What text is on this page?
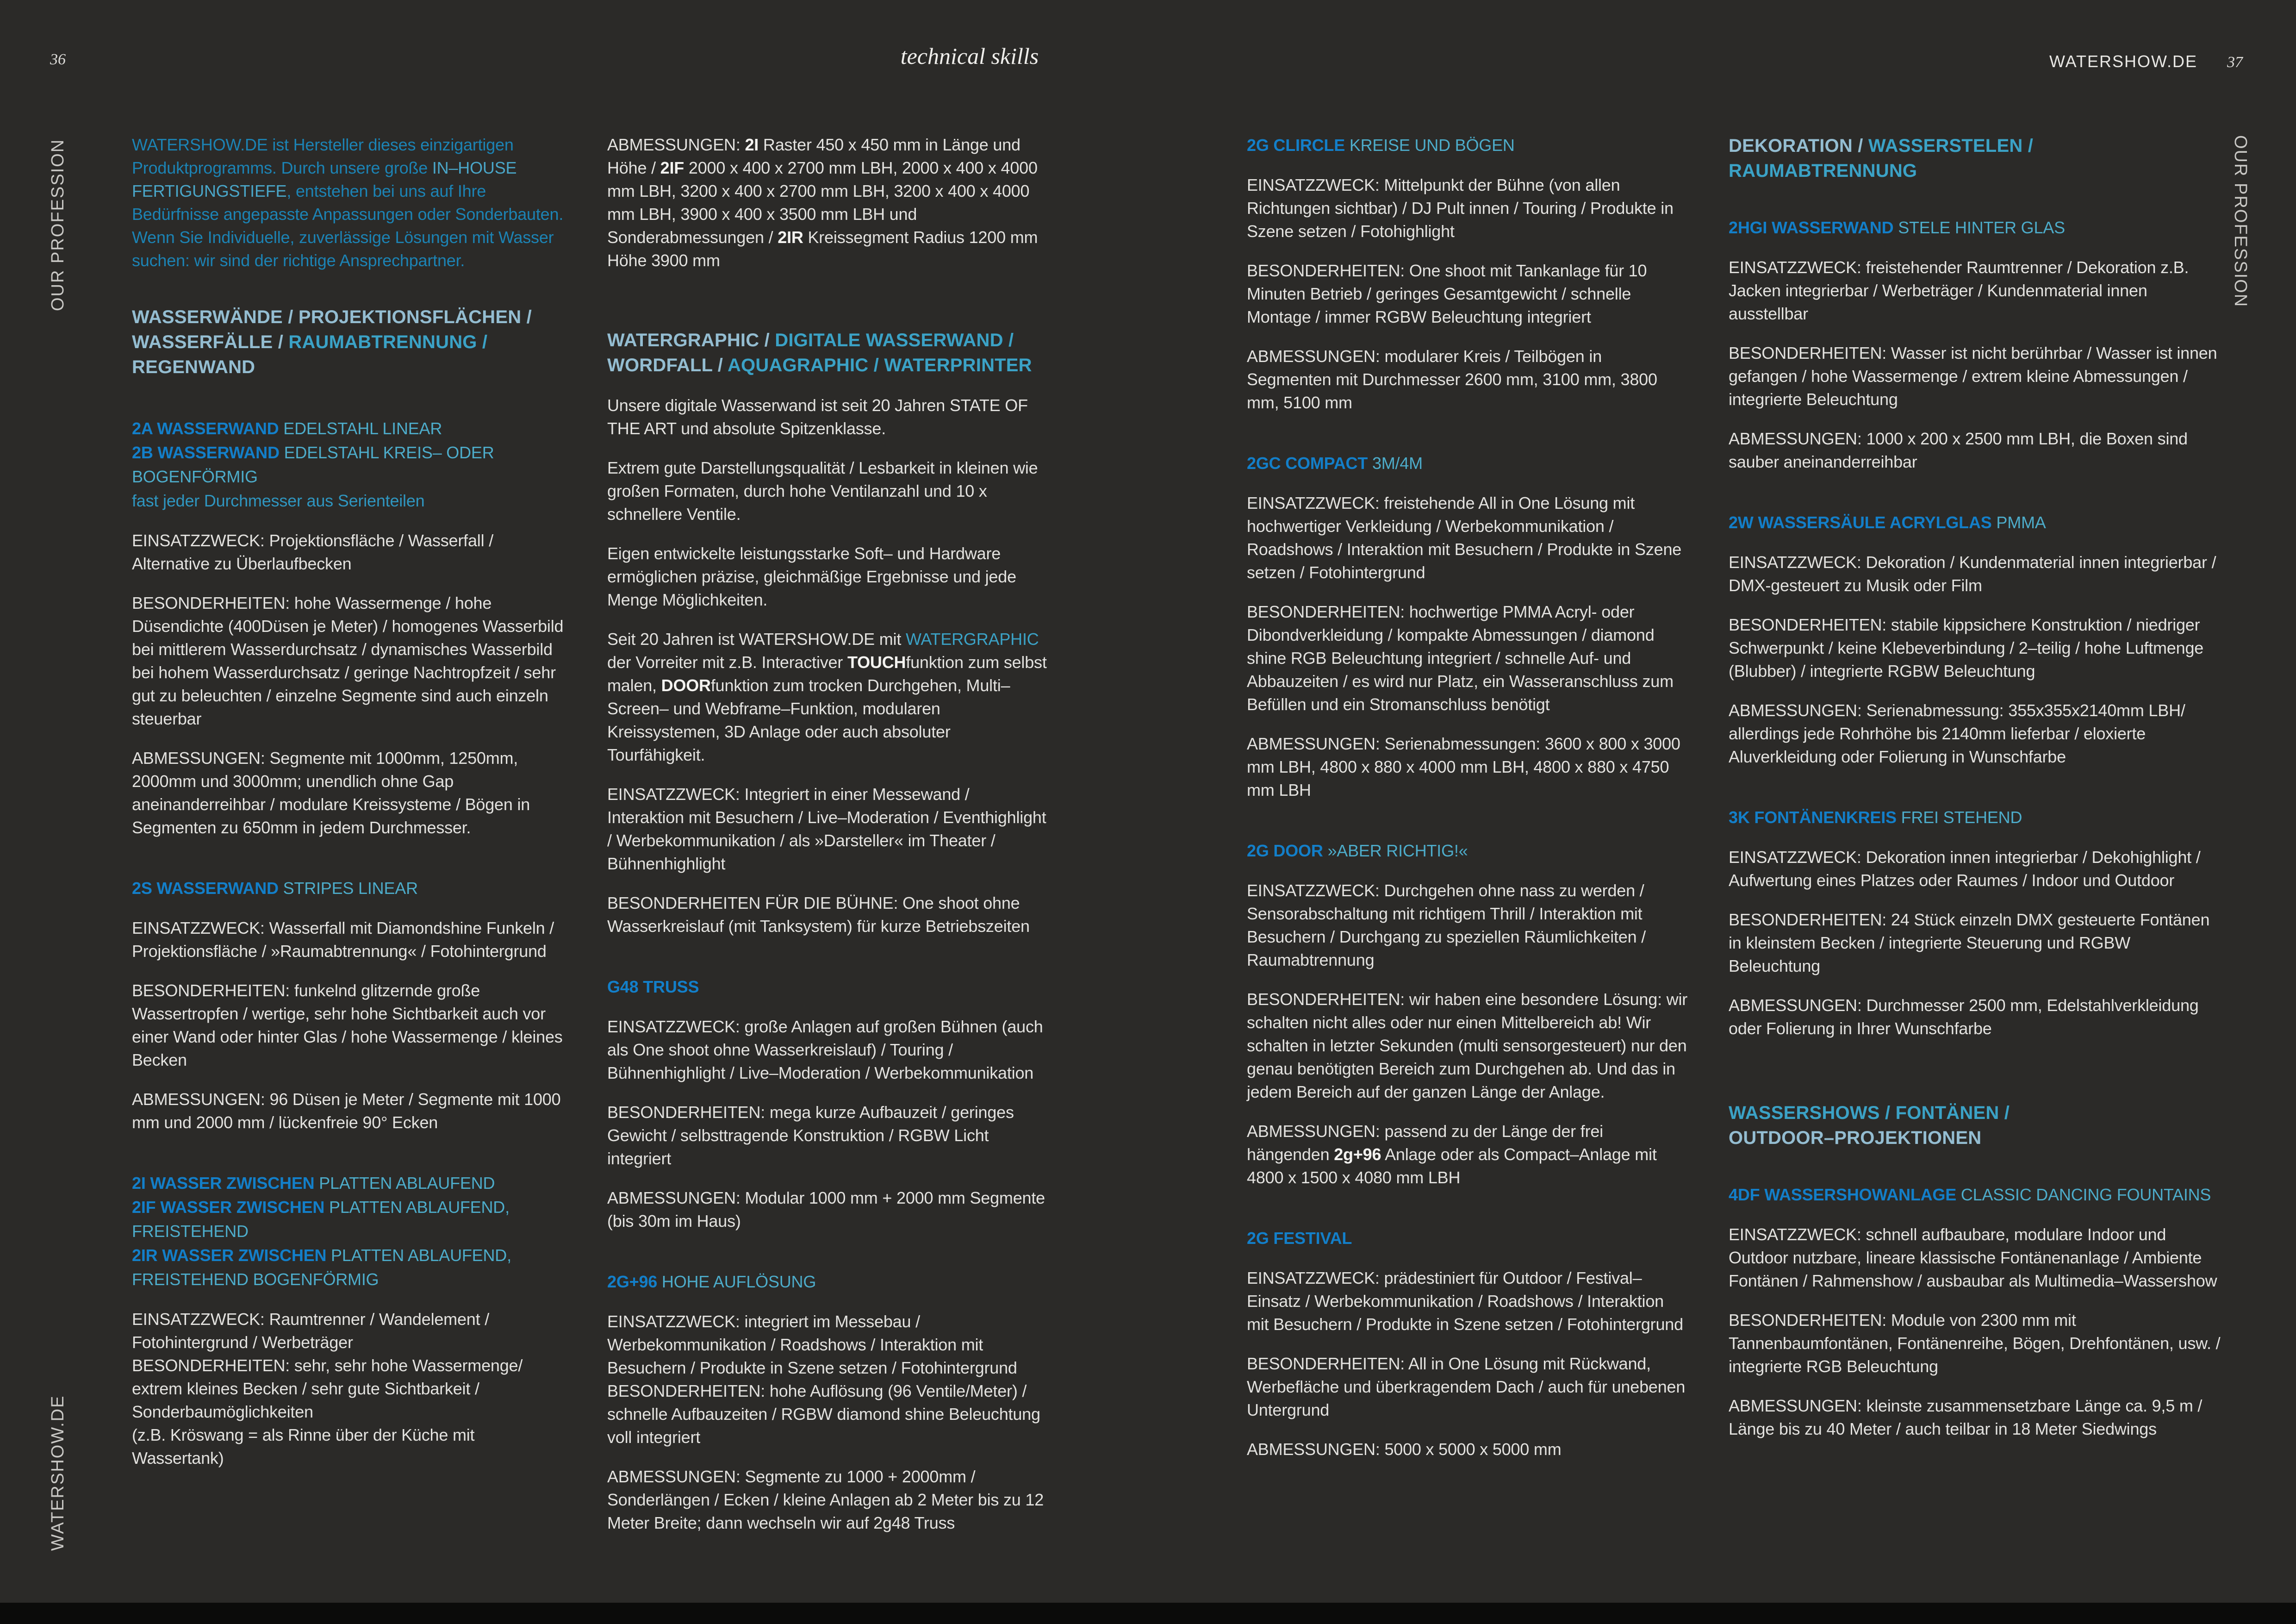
36	technical skills	WATERSHOW.DE 37
OUR PROFESSION
WATERSHOW.DE
OUR PROFESSION
WATERSHOW.DE ist Hersteller dieses einzigartigen Produktprogramms. Durch unsere große IN–HOUSE FERTIGUNGSTIEFE, entstehen bei uns auf Ihre Bedürfnisse angepasste Anpassungen oder Sonderbauten. Wenn Sie Individuelle, zuverlässige Lösungen mit Wasser suchen: wir sind der richtige Ansprechpartner.
WASSERWÄNDE / PROJEKTIONSFLÄCHEN /
WASSERFÄLLE / RAUMABTRENNUNG /
REGENWAND
2A WASSERWAND EDELSTAHL LINEAR
2B WASSERWAND EDELSTAHL KREIS– ODER
BOGENFÖRMIG
fast jeder Durchmesser aus Serienteilen
EINSATZZWECK: Projektionsfläche / Wasserfall / Alternative zu Überlaufbecken
BESONDERHEITEN: hohe Wassermenge / hohe Düsendichte (400Düsen je Meter) / homogenes Wasserbild bei mittlerem Wasserdurchsatz / dynamisches Wasserbild bei hohem Wasserdurchsatz / geringe Nachtropfzeit / sehr gut zu beleuchten / einzelne Segmente sind auch einzeln steuerbar
ABMESSUNGEN: Segmente mit 1000mm, 1250mm, 2000mm und 3000mm; unendlich ohne Gap aneinanderreihbar / modulare Kreissysteme / Bögen in Segmenten zu 650mm in jedem Durchmesser.
2S WASSERWAND STRIPES LINEAR
EINSATZZWECK: Wasserfall mit Diamondshine Funkeln / Projektionsfläche / »Raumabtrennung« / Fotohintergrund
BESONDERHEITEN: funkelnd glitzernde große Wassertropfen / wertige, sehr hohe Sichtbarkeit auch vor einer Wand oder hinter Glas / hohe Wassermenge / kleines Becken
ABMESSUNGEN: 96 Düsen je Meter / Segmente mit 1000 mm und 2000 mm / lückenfreie 90° Ecken
2I WASSER ZWISCHEN PLATTEN ABLAUFEND
2IF WASSER ZWISCHEN PLATTEN ABLAUFEND,
FREISTEHEND
2IR WASSER ZWISCHEN PLATTEN ABLAUFEND,
FREISTEHEND BOGENFÖRMIG
EINSATZZWECK: Raumtrenner / Wandelement / Fotohintergrund / Werbeträger
BESONDERHEITEN: sehr, sehr hohe Wassermenge/ extrem kleines Becken / sehr gute Sichtbarkeit / Sonderbaumöglichkeiten
(z.B. Kröswang = als Rinne über der Küche mit Wassertank)
ABMESSUNGEN: 2I Raster 450 x 450 mm in Länge und Höhe / 2IF 2000 x 400 x 2700 mm LBH, 2000 x 400 x 4000 mm LBH, 3200 x 400 x 2700 mm LBH, 3200 x 400 x 4000 mm LBH, 3900 x 400 x 3500 mm LBH und Sonderabmessungen / 2IR Kreissegment Radius 1200 mm Höhe 3900 mm
WATERGRAPHIC / DIGITALE WASSERWAND /
WORDFALL / AQUAGRAPHIC / WATERPRINTER
Unsere digitale Wasserwand ist seit 20 Jahren STATE OF THE ART und absolute Spitzenklasse.
Extrem gute Darstellungsqualität / Lesbarkeit in kleinen wie großen Formaten, durch hohe Ventilanzahl und 10 x schnellere Ventile.
Eigen entwickelte leistungsstarke Soft– und Hardware ermöglichen präzise, gleichmäßige Ergebnisse und jede Menge Möglichkeiten.
Seit 20 Jahren ist WATERSHOW.DE mit WATERGRAPHIC der Vorreiter mit z.B. Interactiver TOUCHfunktion zum selbst malen, DOORfunktion zum trocken Durchgehen, Multi–Screen– und Webframe–Funktion, modularen Kreissystemen, 3D Anlage oder auch absoluter Tourfähigkeit.
EINSATZZWECK: Integriert in einer Messewand / Interaktion mit Besuchern / Live–Moderation / Eventhighlight / Werbekommunikation / als »Darsteller« im Theater / Bühnenhighlight
BESONDERHEITEN FÜR DIE BÜHNE: One shoot ohne Wasserkreislauf (mit Tanksystem) für kurze Betriebszeiten
G48 TRUSS
EINSATZZWECK: große Anlagen auf großen Bühnen (auch als One shoot ohne Wasserkreislauf) / Touring / Bühnenhighlight / Live–Moderation / Werbekommunikation
BESONDERHEITEN: mega kurze Aufbauzeit / geringes Gewicht / selbsttragende Konstruktion / RGBW Licht integriert
ABMESSUNGEN: Modular 1000 mm + 2000 mm Segmente (bis 30m im Haus)
2G+96 HOHE AUFLÖSUNG
EINSATZZWECK: integriert im Messebau / Werbekommunikation / Roadshows / Interaktion mit Besuchern / Produkte in Szene setzen / Fotohintergrund
BESONDERHEITEN: hohe Auflösung (96 Ventile/Meter) / schnelle Aufbauzeiten / RGBW diamond shine Beleuchtung voll integriert
ABMESSUNGEN: Segmente zu 1000 + 2000mm / Sonderlängen / Ecken / kleine Anlagen ab 2 Meter bis zu 12 Meter Breite; dann wechseln wir auf 2g48 Truss
2G CLIRCLE KREISE UND BÖGEN
EINSATZZWECK: Mittelpunkt der Bühne (von allen Richtungen sichtbar) / DJ Pult innen / Touring / Produkte in Szene setzen / Fotohighlight
BESONDERHEITEN: One shoot mit Tankanlage für 10 Minuten Betrieb / geringes Gesamtgewicht / schnelle Montage / immer RGBW Beleuchtung integriert
ABMESSUNGEN: modularer Kreis / Teilbögen in Segmenten mit Durchmesser 2600 mm, 3100 mm, 3800 mm, 5100 mm
2GC COMPACT 3M/4M
EINSATZZWECK: freistehende All in One Lösung mit hochwertiger Verkleidung / Werbekommunikation / Roadshows / Interaktion mit Besuchern / Produkte in Szene setzen / Fotohintergrund
BESONDERHEITEN: hochwertige PMMA Acryl- oder Dibondverkleidung / kompakte Abmessungen / diamond shine RGB Beleuchtung integriert / schnelle Auf- und Abbauzeiten / es wird nur Platz, ein Wasseranschluss zum Befüllen und ein Stromanschluss benötigt
ABMESSUNGEN: Serienabmessungen: 3600 x 800 x 3000 mm LBH, 4800 x 880 x 4000 mm LBH, 4800 x 880 x 4750 mm LBH
2G DOOR »ABER RICHTIG!«
EINSATZZWECK: Durchgehen ohne nass zu werden / Sensorabschaltung mit richtigem Thrill / Interaktion mit Besuchern / Durchgang zu speziellen Räumlichkeiten / Raumabtrennung
BESONDERHEITEN: wir haben eine besondere Lösung: wir schalten nicht alles oder nur einen Mittelbereich ab! Wir schalten in letzter Sekunden (multi sensorgesteuert) nur den genau benötigten Bereich zum Durchgehen ab. Und das in jedem Bereich auf der ganzen Länge der Anlage.
ABMESSUNGEN: passend zu der Länge der frei hängenden 2g+96 Anlage oder als Compact–Anlage mit 4800 x 1500 x 4080 mm LBH
2G FESTIVAL
EINSATZZWECK: prädestiniert für Outdoor / Festival–Einsatz / Werbekommunikation / Roadshows / Interaktion mit Besuchern / Produkte in Szene setzen / Fotohintergrund
BESONDERHEITEN: All in One Lösung mit Rückwand, Werbefläche und überkragendem Dach / auch für unebenen Untergrund
ABMESSUNGEN: 5000 x 5000 x 5000 mm
DEKORATION / WASSERSTELEN /
RAUMABTRENNUNG
2HGI WASSERWAND STELE HINTER GLAS
EINSATZZWECK: freistehender Raumtrenner / Dekoration z.B. Jacken integrierbar / Werbeträger / Kundenmaterial innen ausstellbar
BESONDERHEITEN: Wasser ist nicht berührbar / Wasser ist innen gefangen / hohe Wassermenge / extrem kleine Abmessungen / integrierte Beleuchtung
ABMESSUNGEN: 1000 x 200 x 2500 mm LBH, die Boxen sind sauber aneinanderreihbar
2W WASSERSÄULE ACRYLGLAS PMMA
EINSATZZWECK: Dekoration / Kundenmaterial innen integrierbar / DMX-gesteuert zu Musik oder Film
BESONDERHEITEN: stabile kippsichere Konstruktion / niedriger Schwerpunkt / keine Klebeverbindung / 2–teilig / hohe Luftmenge (Blubber) / integrierte RGBW Beleuchtung
ABMESSUNGEN: Serienabmessung: 355x355x2140mm LBH/ allerdings jede Rohrhöhe bis 2140mm lieferbar / eloxierte Aluverkleidung oder Folierung in Wunschfarbe
3K FONTÄNENKREIS FREI STEHEND
EINSATZZWECK: Dekoration innen integrierbar / Dekohighlight / Aufwertung eines Platzes oder Raumes / Indoor und Outdoor
BESONDERHEITEN: 24 Stück einzeln DMX gesteuerte Fontänen in kleinstem Becken / integrierte Steuerung und RGBW Beleuchtung
ABMESSUNGEN: Durchmesser 2500 mm, Edelstahlverkleidung oder Folierung in Ihrer Wunschfarbe
WASSERSHOWS / FONTÄNEN /
OUTDOOR–PROJEKTIONEN
4DF WASSERSHOWANLAGE CLASSIC DANCING FOUNTAINS
EINSATZZWECK: schnell aufbaubare, modulare Indoor und Outdoor nutzbare, lineare klassische Fontänenanlage / Ambiente Fontänen / Rahmenshow / ausbaubar als Multimedia–Wassershow
BESONDERHEITEN: Module von 2300 mm mit Tannenbaumfontänen, Fontänenreihe, Bögen, Drehfontänen, usw. / integrierte RGB Beleuchtung
ABMESSUNGEN: kleinste zusammensetzbare Länge ca. 9,5 m / Länge bis zu 40 Meter / auch teilbar in 18 Meter Siedwings
